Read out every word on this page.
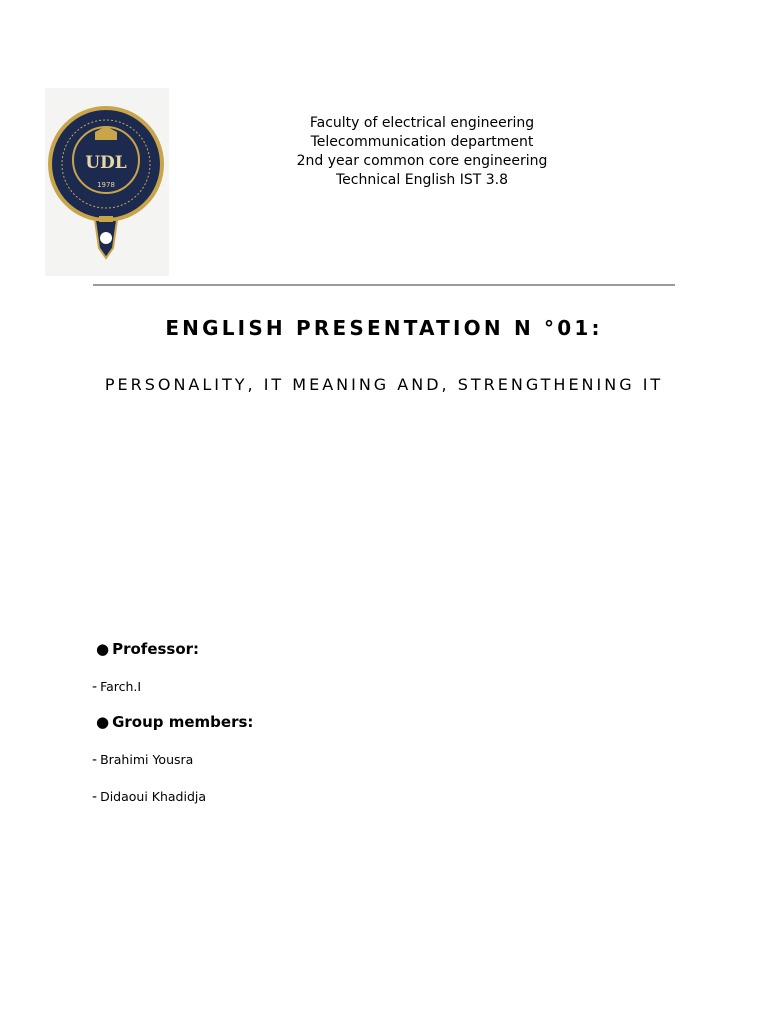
UDL
1978
Faculty of electrical engineering
Telecommunication department
2nd year common core engineering
Technical English IST 3.8
ENGLISH PRESENTATION N °01:
PERSONALITY, IT MEANING AND, STRENGTHENING IT
● Professor:
- Farch.I
● Group members:
- Brahimi Yousra
- Didaoui Khadidja
